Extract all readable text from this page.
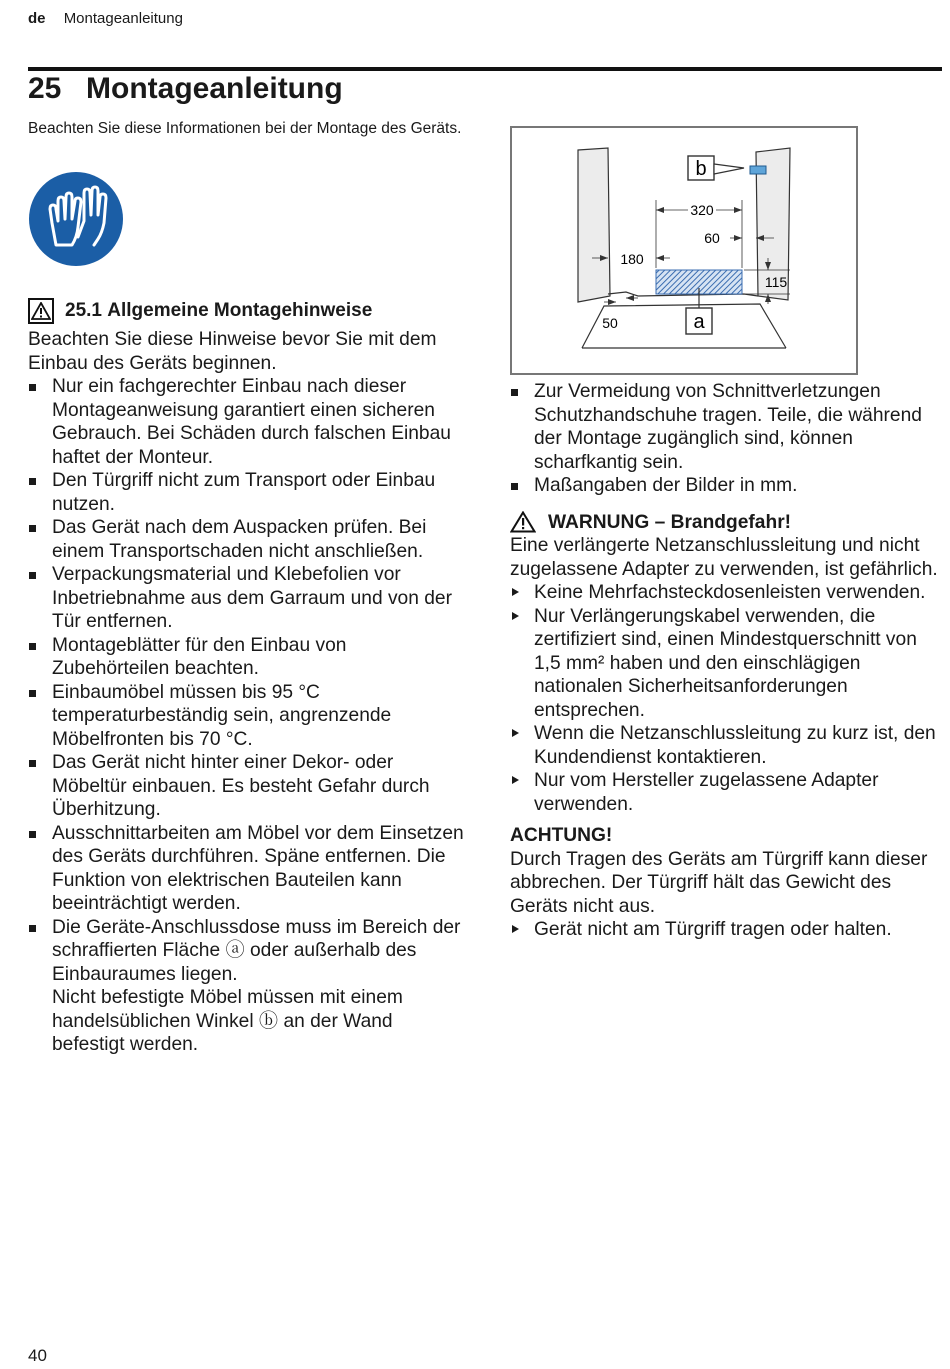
de Montageanleitung
25 Montageanleitung

Beachten Sie diese Informationen bei der Montage des Geräts.

25.1
Allgemeine Montagehinweise

Beachten Sie diese Hinweise bevor Sie mit dem Einbau des Geräts beginnen.

Nur ein fachgerechter Einbau nach dieser Montageanweisung garantiert einen sicheren Gebrauch. Bei Schäden durch falschen Einbau haftet der Monteur.
Den Türgriff nicht zum Transport oder Einbau nutzen.
Das Gerät nach dem Auspacken prüfen. Bei einem Transportschaden nicht anschließen.
Verpackungsmaterial und Klebefolien vor Inbetriebnahme aus dem Garraum und von der Tür entfernen.
Montageblätter für den Einbau von Zubehörteilen beachten.
Einbaumöbel müssen bis 95 °C temperaturbeständig sein, angrenzende Möbelfronten bis 70 °C.
Das Gerät nicht hinter einer Dekor- oder Möbeltür einbauen. Es besteht Gefahr durch Überhitzung.
Ausschnittarbeiten am Möbel vor dem Einsetzen des Geräts durchführen. Späne entfernen. Die Funktion von elektrischen Bauteilen kann beeinträchtigt werden.
Die Geräte-Anschlussdose muss im Bereich der schraffierten Fläche ⓐ oder außerhalb des Einbauraumes liegen.

Nicht befestigte Möbel müssen mit einem handelsüblichen Winkel ⓑ an der Wand befestigt werden.

b
a
320
60
180
115
50
Zur Vermeidung von Schnittverletzungen Schutzhandschuhe tragen. Teile, die während der Montage zugänglich sind, können scharfkantig sein.
Maßangaben der Bilder in mm.
WARNUNG – Brandgefahr!

Eine verlängerte Netzanschlussleitung und nicht zugelassene Adapter zu verwenden, ist gefährlich.

Keine Mehrfachsteckdosenleisten verwenden.
Nur Verlängerungskabel verwenden, die zertifiziert sind, einen Mindestquerschnitt von 1,5 mm² haben und den einschlägigen nationalen Sicherheitsanforderungen entsprechen.
Wenn die Netzanschlussleitung zu kurz ist, den Kundendienst kontaktieren.
Nur vom Hersteller zugelassene Adapter verwenden.

ACHTUNG!

Durch Tragen des Geräts am Türgriff kann dieser abbrechen. Der Türgriff hält das Gewicht des Geräts nicht aus.

Gerät nicht am Türgriff tragen oder halten.
40
